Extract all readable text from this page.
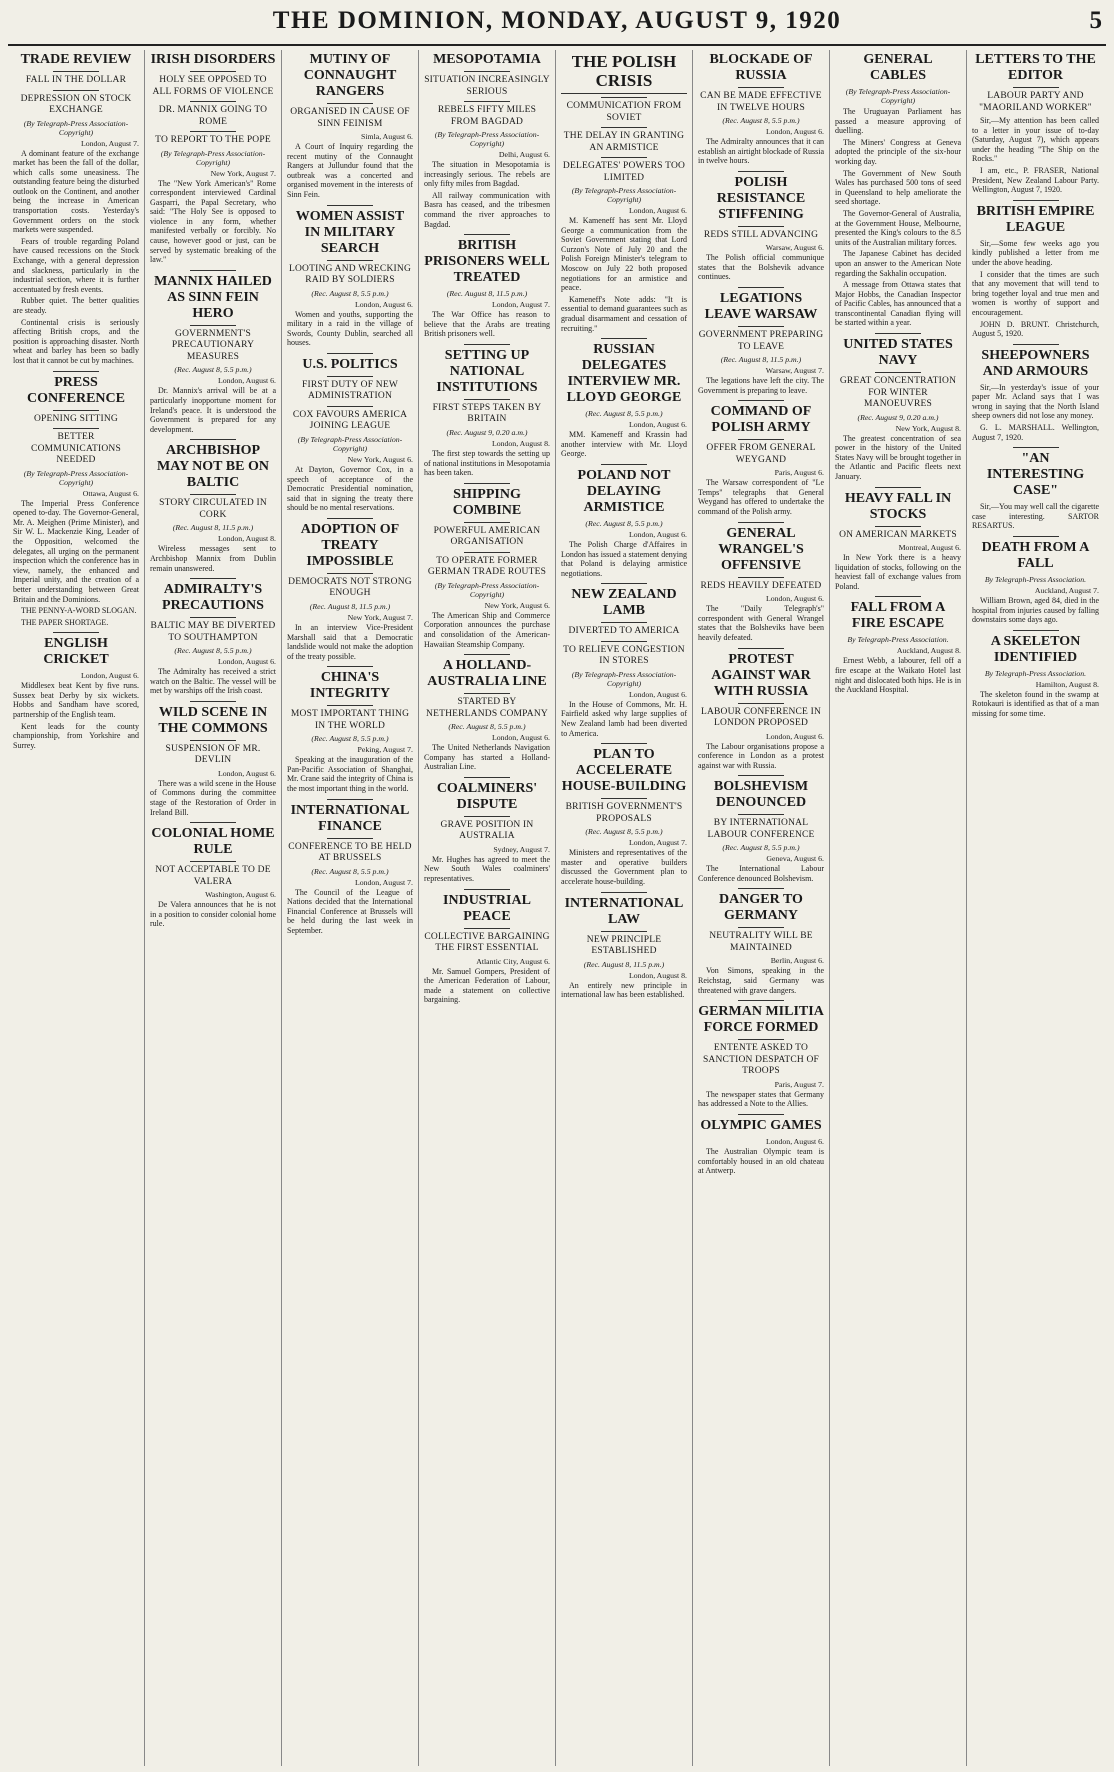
THE DOMINION, MONDAY, AUGUST 9, 1920	5
TRADE REVIEW
FALL IN THE DOLLAR
DEPRESSION ON STOCK EXCHANGE
(By Telegraph-Press Association-Copyright)
London, August 7.

A dominant feature of the exchange market has been the fall of the dollar, which calls some uneasiness. The outstanding feature being the disturbed outlook on the Continent, and another being the increase in American transportation costs. Yesterday's Government orders on the stock markets were suspended.

Fears of trouble regarding Poland have caused recessions on the Stock Exchange, with a general depression and slackness, particularly in the industrial section, where it is further accentuated by fresh events.

Rubber quiet. The better qualities are steady.

Continental crisis is seriously affecting British crops, and the position is approaching disaster. North wheat and barley has been so badly lost that it cannot be cut by machines.

PRESS CONFERENCE
OPENING SITTING
BETTER COMMUNICATIONS NEEDED
(By Telegraph-Press Association-Copyright)
Ottawa, August 6.

The Imperial Press Conference opened to-day. The Governor-General, Mr. A. Meighen (Prime Minister), and Sir W. L. Mackenzie King, Leader of the Opposition, welcomed the delegates, all urging on the permanent inspection which the conference has in view, namely, the enhanced and Imperial unity, and the creation of a better understanding between Great Britain and the Dominions.

THE PENNY-A-WORD SLOGAN.

THE PAPER SHORTAGE.

ENGLISH CRICKET
London, August 6.

Middlesex beat Kent by five runs. Sussex beat Derby by six wickets. Hobbs and Sandham have scored, partnership of the English team.

Kent leads for the county championship, from Yorkshire and Surrey.

IRISH DISORDERS
HOLY SEE OPPOSED TO ALL FORMS OF VIOLENCE
DR. MANNIX GOING TO ROME
TO REPORT TO THE POPE
(By Telegraph-Press Association-Copyright)
New York, August 7.

The "New York American's" Rome correspondent interviewed Cardinal Gasparri, the Papal Secretary, who said: "The Holy See is opposed to violence in any form, whether manifested verbally or forcibly. No cause, however good or just, can be served by systematic breaking of the law."

MANNIX HAILED AS SINN FEIN HERO
GOVERNMENT'S PRECAUTIONARY MEASURES
(Rec. August 8, 5.5 p.m.)
London, August 6.

Dr. Mannix's arrival will be at a particularly inopportune moment for Ireland's peace. It is understood the Government is prepared for any development.

ARCHBISHOP MAY NOT BE ON BALTIC
STORY CIRCULATED IN CORK
(Rec. August 8, 11.5 p.m.)
London, August 8.

Wireless messages sent to Archbishop Mannix from Dublin remain unanswered.

ADMIRALTY'S PRECAUTIONS
BALTIC MAY BE DIVERTED TO SOUTHAMPTON
(Rec. August 8, 5.5 p.m.)
London, August 6.

The Admiralty has received a strict watch on the Baltic. The vessel will be met by warships off the Irish coast.

WILD SCENE IN THE COMMONS
SUSPENSION OF MR. DEVLIN
London, August 6.

There was a wild scene in the House of Commons during the committee stage of the Restoration of Order in Ireland Bill.

COLONIAL HOME RULE
NOT ACCEPTABLE TO DE VALERA
Washington, August 6.

De Valera announces that he is not in a position to consider colonial home rule.

MUTINY OF CONNAUGHT RANGERS
ORGANISED IN CAUSE OF SINN FEINISM
Simla, August 6.

A Court of Inquiry regarding the recent mutiny of the Connaught Rangers at Jullundur found that the outbreak was a concerted and organised movement in the interests of Sinn Fein.

WOMEN ASSIST IN MILITARY SEARCH
LOOTING AND WRECKING RAID BY SOLDIERS
(Rec. August 8, 5.5 p.m.)
London, August 6.

Women and youths, supporting the military in a raid in the village of Swords, County Dublin, searched all houses.

U.S. POLITICS
FIRST DUTY OF NEW ADMINISTRATION
COX FAVOURS AMERICA JOINING LEAGUE
(By Telegraph-Press Association-Copyright)
New York, August 6.

At Dayton, Governor Cox, in a speech of acceptance of the Democratic Presidential nomination, said that in signing the treaty there should be no mental reservations.

ADOPTION OF TREATY IMPOSSIBLE
DEMOCRATS NOT STRONG ENOUGH
(Rec. August 8, 11.5 p.m.)
New York, August 7.

In an interview Vice-President Marshall said that a Democratic landslide would not make the adoption of the treaty possible.

CHINA'S INTEGRITY
MOST IMPORTANT THING IN THE WORLD
(Rec. August 8, 5.5 p.m.)
Peking, August 7.

Speaking at the inauguration of the Pan-Pacific Association of Shanghai, Mr. Crane said the integrity of China is the most important thing in the world.

INTERNATIONAL FINANCE
CONFERENCE TO BE HELD AT BRUSSELS
(Rec. August 8, 5.5 p.m.)
London, August 7.

The Council of the League of Nations decided that the International Financial Conference at Brussels will be held during the last week in September.

MESOPOTAMIA
SITUATION INCREASINGLY SERIOUS
REBELS FIFTY MILES FROM BAGDAD
(By Telegraph-Press Association-Copyright)
Delhi, August 6.

The situation in Mesopotamia is increasingly serious. The rebels are only fifty miles from Bagdad.

All railway communication with Basra has ceased, and the tribesmen command the river approaches to Bagdad.

BRITISH PRISONERS WELL TREATED
(Rec. August 8, 11.5 p.m.)
London, August 7.

The War Office has reason to believe that the Arabs are treating British prisoners well.

SETTING UP NATIONAL INSTITUTIONS
FIRST STEPS TAKEN BY BRITAIN
(Rec. August 9, 0.20 a.m.)
London, August 8.

The first step towards the setting up of national institutions in Mesopotamia has been taken.

SHIPPING COMBINE
POWERFUL AMERICAN ORGANISATION
TO OPERATE FORMER GERMAN TRADE ROUTES
(By Telegraph-Press Association-Copyright)
New York, August 6.

The American Ship and Commerce Corporation announces the purchase and consolidation of the American-Hawaiian Steamship Company.

A HOLLAND-AUSTRALIA LINE
STARTED BY NETHERLANDS COMPANY
(Rec. August 8, 5.5 p.m.)
London, August 6.

The United Netherlands Navigation Company has started a Holland-Australian Line.

COALMINERS' DISPUTE
GRAVE POSITION IN AUSTRALIA
Sydney, August 7.

Mr. Hughes has agreed to meet the New South Wales coalminers' representatives.

INDUSTRIAL PEACE
COLLECTIVE BARGAINING THE FIRST ESSENTIAL
Atlantic City, August 6.

Mr. Samuel Gompers, President of the American Federation of Labour, made a statement on collective bargaining.

THE POLISH CRISIS
COMMUNICATION FROM SOVIET
THE DELAY IN GRANTING AN ARMISTICE
DELEGATES' POWERS TOO LIMITED
(By Telegraph-Press Association-Copyright)
London, August 6.

M. Kameneff has sent Mr. Lloyd George a communication from the Soviet Government stating that Lord Curzon's Note of July 20 and the Polish Foreign Minister's telegram to Moscow on July 22 both proposed negotiations for an armistice and peace.

Kameneff's Note adds: "It is essential to demand guarantees such as gradual disarmament and cessation of recruiting."

RUSSIAN DELEGATES INTERVIEW MR. LLOYD GEORGE
(Rec. August 8, 5.5 p.m.)
London, August 6.

MM. Kameneff and Krassin had another interview with Mr. Lloyd George.

POLAND NOT DELAYING ARMISTICE
(Rec. August 8, 5.5 p.m.)
London, August 6.

The Polish Charge d'Affaires in London has issued a statement denying that Poland is delaying armistice negotiations.

NEW ZEALAND LAMB
DIVERTED TO AMERICA
TO RELIEVE CONGESTION IN STORES
(By Telegraph-Press Association-Copyright)
London, August 6.

In the House of Commons, Mr. H. Fairfield asked why large supplies of New Zealand lamb had been diverted to America.

PLAN TO ACCELERATE HOUSE-BUILDING
BRITISH GOVERNMENT'S PROPOSALS
(Rec. August 8, 5.5 p.m.)
London, August 7.

Ministers and representatives of the master and operative builders discussed the Government plan to accelerate house-building.

INTERNATIONAL LAW
NEW PRINCIPLE ESTABLISHED
(Rec. August 8, 11.5 p.m.)
London, August 8.

An entirely new principle in international law has been established.

BLOCKADE OF RUSSIA
CAN BE MADE EFFECTIVE IN TWELVE HOURS
(Rec. August 8, 5.5 p.m.)
London, August 6.

The Admiralty announces that it can establish an airtight blockade of Russia in twelve hours.

POLISH RESISTANCE STIFFENING
REDS STILL ADVANCING
Warsaw, August 6.

The Polish official communique states that the Bolshevik advance continues.

LEGATIONS LEAVE WARSAW
GOVERNMENT PREPARING TO LEAVE
(Rec. August 8, 11.5 p.m.)
Warsaw, August 7.

The legations have left the city. The Government is preparing to leave.

COMMAND OF POLISH ARMY
OFFER FROM GENERAL WEYGAND
Paris, August 6.

The Warsaw correspondent of "Le Temps" telegraphs that General Weygand has offered to undertake the command of the Polish army.

GENERAL WRANGEL'S OFFENSIVE
REDS HEAVILY DEFEATED
London, August 6.

The "Daily Telegraph's" correspondent with General Wrangel states that the Bolsheviks have been heavily defeated.

PROTEST AGAINST WAR WITH RUSSIA
LABOUR CONFERENCE IN LONDON PROPOSED
London, August 6.

The Labour organisations propose a conference in London as a protest against war with Russia.

BOLSHEVISM DENOUNCED
BY INTERNATIONAL LABOUR CONFERENCE
(Rec. August 8, 5.5 p.m.)
Geneva, August 6.

The International Labour Conference denounced Bolshevism.

DANGER TO GERMANY
NEUTRALITY WILL BE MAINTAINED
Berlin, August 6.

Von Simons, speaking in the Reichstag, said Germany was threatened with grave dangers.

GERMAN MILITIA FORCE FORMED
ENTENTE ASKED TO SANCTION DESPATCH OF TROOPS
Paris, August 7.

The newspaper states that Germany has addressed a Note to the Allies.

OLYMPIC GAMES
London, August 6.

The Australian Olympic team is comfortably housed in an old chateau at Antwerp.

GENERAL CABLES
(By Telegraph-Press Association-Copyright)

The Uruguayan Parliament has passed a measure approving of duelling.

The Miners' Congress at Geneva adopted the principle of the six-hour working day.

The Government of New South Wales has purchased 500 tons of seed in Queensland to help ameliorate the seed shortage.

The Governor-General of Australia, at the Government House, Melbourne, presented the King's colours to the 8.5 units of the Australian military forces.

The Japanese Cabinet has decided upon an answer to the American Note regarding the Sakhalin occupation.

A message from Ottawa states that Major Hobbs, the Canadian Inspector of Pacific Cables, has announced that a transcontinental Canadian flying will be started within a year.

UNITED STATES NAVY
GREAT CONCENTRATION FOR WINTER MANOEUVRES
(Rec. August 9, 0.20 a.m.)
New York, August 8.

The greatest concentration of sea power in the history of the United States Navy will be brought together in the Atlantic and Pacific fleets next January.

HEAVY FALL IN STOCKS
ON AMERICAN MARKETS
Montreal, August 6.

In New York there is a heavy liquidation of stocks, following on the heaviest fall of exchange values from Poland.

FALL FROM A FIRE ESCAPE
By Telegraph-Press Association.
Auckland, August 8.

Ernest Webb, a labourer, fell off a fire escape at the Waikato Hotel last night and dislocated both hips. He is in the Auckland Hospital.

LETTERS TO THE EDITOR
LABOUR PARTY AND "MAORILAND WORKER"

Sir,—My attention has been called to a letter in your issue of to-day (Saturday, August 7), which appears under the heading "The Ship on the Rocks."

I am, etc., P. FRASER, National President, New Zealand Labour Party. Wellington, August 7, 1920.

BRITISH EMPIRE LEAGUE

Sir,—Some few weeks ago you kindly published a letter from me under the above heading.

I consider that the times are such that any movement that will tend to bring together loyal and true men and women is worthy of support and encouragement.

JOHN D. BRUNT. Christchurch, August 5, 1920.

SHEEPOWNERS AND ARMOURS

Sir,—In yesterday's issue of your paper Mr. Acland says that I was wrong in saying that the North Island sheep owners did not lose any money.

G. L. MARSHALL. Wellington, August 7, 1920.

"AN INTERESTING CASE"

Sir,—You may well call the cigarette case interesting. SARTOR RESARTUS.

DEATH FROM A FALL
By Telegraph-Press Association.
Auckland, August 7.

William Brown, aged 84, died in the hospital from injuries caused by falling downstairs some days ago.

A SKELETON IDENTIFIED
By Telegraph-Press Association.
Hamilton, August 8.

The skeleton found in the swamp at Rotokauri is identified as that of a man missing for some time.
